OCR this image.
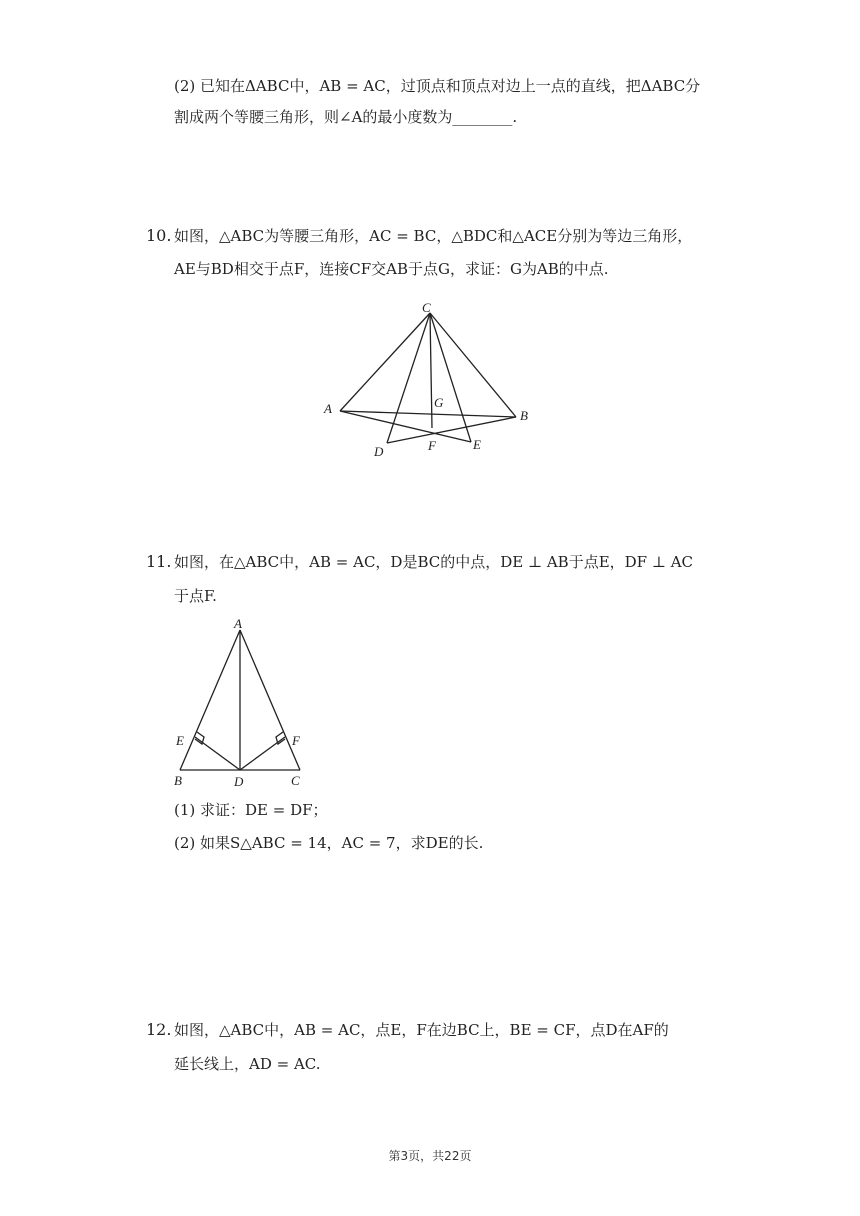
(2) 已知在ΔABC中，AB = AC，过顶点和顶点对边上一点的直线，把ΔABC分
割成两个等腰三角形，则∠A的最小度数为________.
10. 如图，△ABC为等腰三角形，AC = BC，△BDC和△ACE分别为等边三角形，
AE与BD相交于点F，连接CF交AB于点G，求证：G为AB的中点.
C
A	B
G
D	F	E
11. 如图，在△ABC中，AB = AC，D是BC的中点，DE ⊥ AB于点E，DF ⊥ AC
于点F.
A
E	F
B	D	C
(1) 求证：DE = DF；
(2) 如果S△ABC = 14，AC = 7，求DE的长.
12. 如图，△ABC中，AB = AC，点E，F在边BC上，BE = CF，点D在AF的
延长线上，AD = AC.
第3页，共22页
